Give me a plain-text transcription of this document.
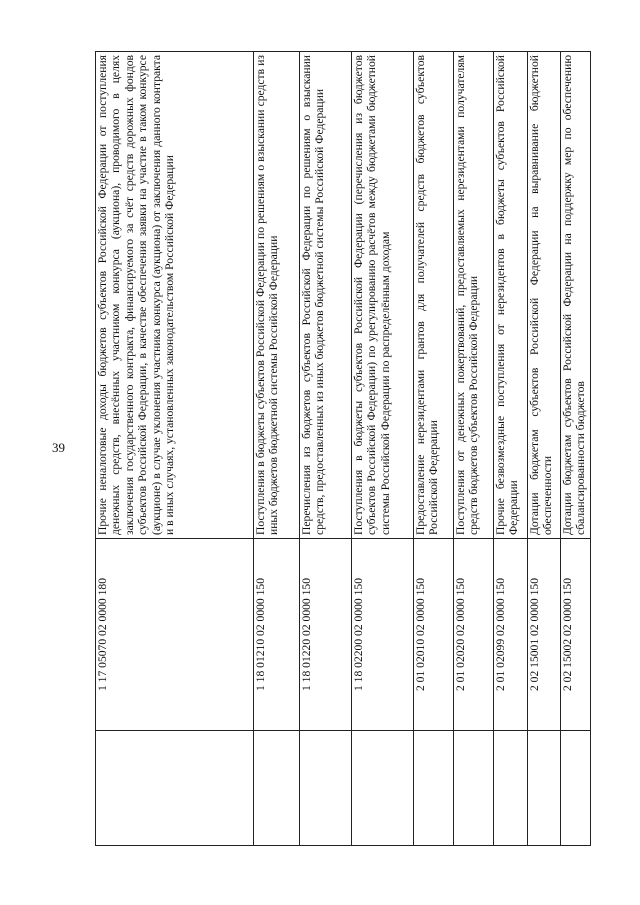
39
	1 17 05070 02 0000 180	Прочие неналоговые доходы бюджетов субъектов Российской Федерации от поступления денежных средств, внесённых участником конкурса (аукциона), проводимого в целях заключения государственного контракта, финансируемого за счёт средств дорожных фондов субъектов Российской Федерации, в качестве обеспечения заявки на участие в таком конкурсе (аукционе) в случае уклонения участника конкурса (аукциона) от заключения данного контракта и в иных случаях, установленных законодательством Российской Федерации
	1 18 01210 02 0000 150	Поступления в бюджеты субъектов Российской Федерации по решениям о взыскании средств из иных бюджетов бюджетной системы Российской Федерации
	1 18 01220 02 0000 150	Перечисления из бюджетов субъектов Российской Федерации по решениям о взыскании средств, предоставленных из иных бюджетов бюджетной системы Российской Федерации
	1 18 02200 02 0000 150	Поступления в бюджеты субъектов Российской Федерации (перечисления из бюджетов субъектов Российской Федерации) по урегулированию расчётов между бюджетами бюджетной системы Российской Федерации по распределённым доходам
	2 01 02010 02 0000 150	Предоставление нерезидентами грантов для получателей средств бюджетов субъектов Российской Федерации
	2 01 02020 02 0000 150	Поступления от денежных пожертвований, предоставляемых нерезидентами получателям средств бюджетов субъектов Российской Федерации
	2 01 02099 02 0000 150	Прочие безвозмездные поступления от нерезидентов в бюджеты субъектов Российской Федерации
	2 02 15001 02 0000 150	Дотации бюджетам субъектов Российской Федерации на выравнивание бюджетной обеспеченности
	2 02 15002 02 0000 150	Дотации бюджетам субъектов Российской Федерации на поддержку мер по обеспечению сбалансированности бюджетов
